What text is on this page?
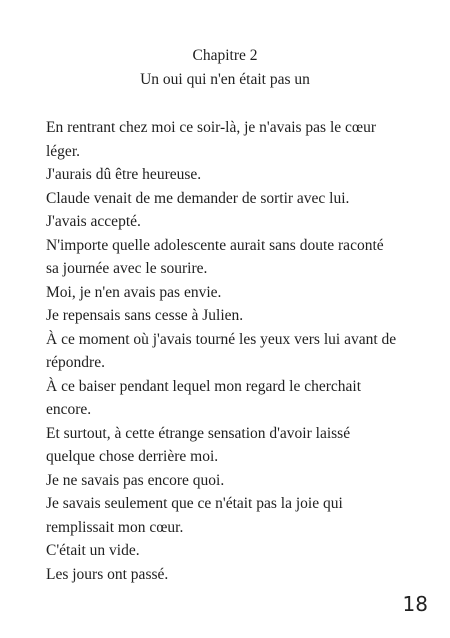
Chapitre 2
Un oui qui n'en était pas un
En rentrant chez moi ce soir-là, je n'avais pas le cœur
léger.
J'aurais dû être heureuse.
Claude venait de me demander de sortir avec lui.
J'avais accepté.
N'importe quelle adolescente aurait sans doute raconté
sa journée avec le sourire.
Moi, je n'en avais pas envie.
Je repensais sans cesse à Julien.
À ce moment où j'avais tourné les yeux vers lui avant de
répondre.
À ce baiser pendant lequel mon regard le cherchait
encore.
Et surtout, à cette étrange sensation d'avoir laissé
quelque chose derrière moi.
Je ne savais pas encore quoi.
Je savais seulement que ce n'était pas la joie qui
remplissait mon cœur.
C'était un vide.
Les jours ont passé.
18
